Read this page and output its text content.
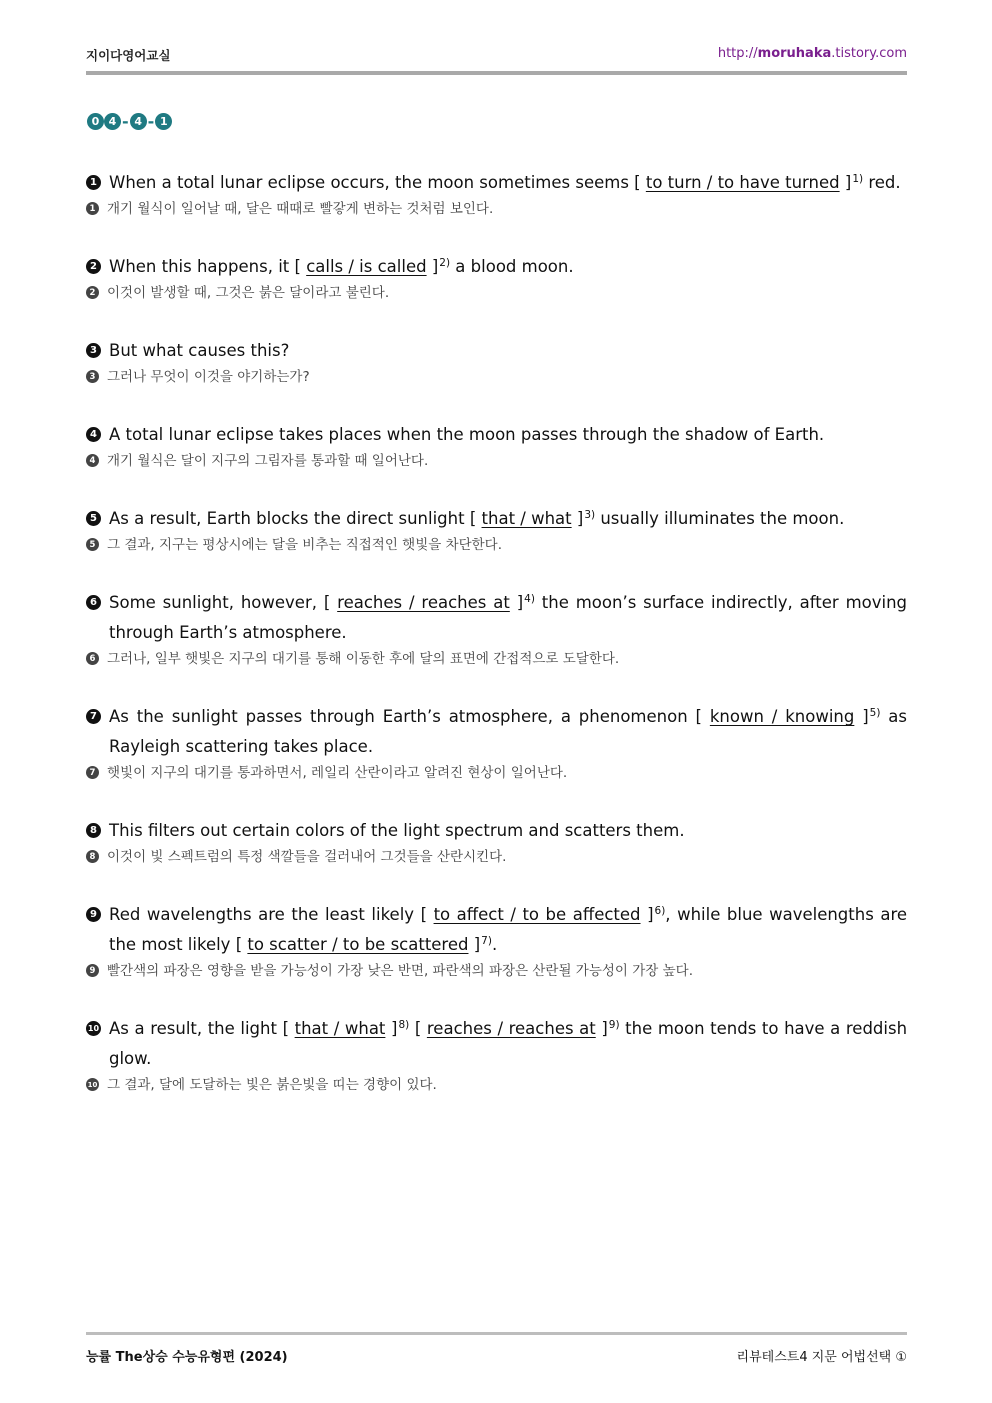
지이다영어교실	http://moruhaka.tistory.com
0 4 - 4 - 1
1 When a total lunar eclipse occurs, the moon sometimes seems [ to turn / to have turned ]$^{1)}$ red.
1 개기 월식이 일어날 때, 달은 때때로 빨갛게 변하는 것처럼 보인다.
2 When this happens, it [ calls / is called ]$^{2)}$ a blood moon.
2 이것이 발생할 때, 그것은 붉은 달이라고 불린다.
3 But what causes this?
3 그러나 무엇이 이것을 야기하는가?
4 A total lunar eclipse takes places when the moon passes through the shadow of Earth.
4 개기 월식은 달이 지구의 그림자를 통과할 때 일어난다.
5 As a result, Earth blocks the direct sunlight [ that / what ]$^{3)}$ usually illuminates the moon.
5 그 결과, 지구는 평상시에는 달을 비추는 직접적인 햇빛을 차단한다.
6 Some sunlight, however, [ reaches / reaches at ]$^{4)}$ the moon’s surface indirectly, after moving through Earth’s atmosphere.
6 그러나, 일부 햇빛은 지구의 대기를 통해 이동한 후에 달의 표면에 간접적으로 도달한다.
7 As the sunlight passes through Earth’s atmosphere, a phenomenon [ known / knowing ]$^{5)}$ as Rayleigh scattering takes place.
7 햇빛이 지구의 대기를 통과하면서, 레일리 산란이라고 알려진 현상이 일어난다.
8 This filters out certain colors of the light spectrum and scatters them.
8 이것이 빛 스펙트럼의 특정 색깔들을 걸러내어 그것들을 산란시킨다.
9 Red wavelengths are the least likely [ to affect / to be affected ]$^{6)}$, while blue wavelengths are the most likely [ to scatter / to be scattered ]$^{7)}$.
9 빨간색의 파장은 영향을 받을 가능성이 가장 낮은 반면, 파란색의 파장은 산란될 가능성이 가장 높다.
10 As a result, the light [ that / what ]$^{8)}$ [ reaches / reaches at ]$^{9)}$ the moon tends to have a reddish glow.
10 그 결과, 달에 도달하는 빛은 붉은빛을 띠는 경향이 있다.
능률 The상승 수능유형편 (2024)	리뷰테스트4 지문 어법선택 ①
